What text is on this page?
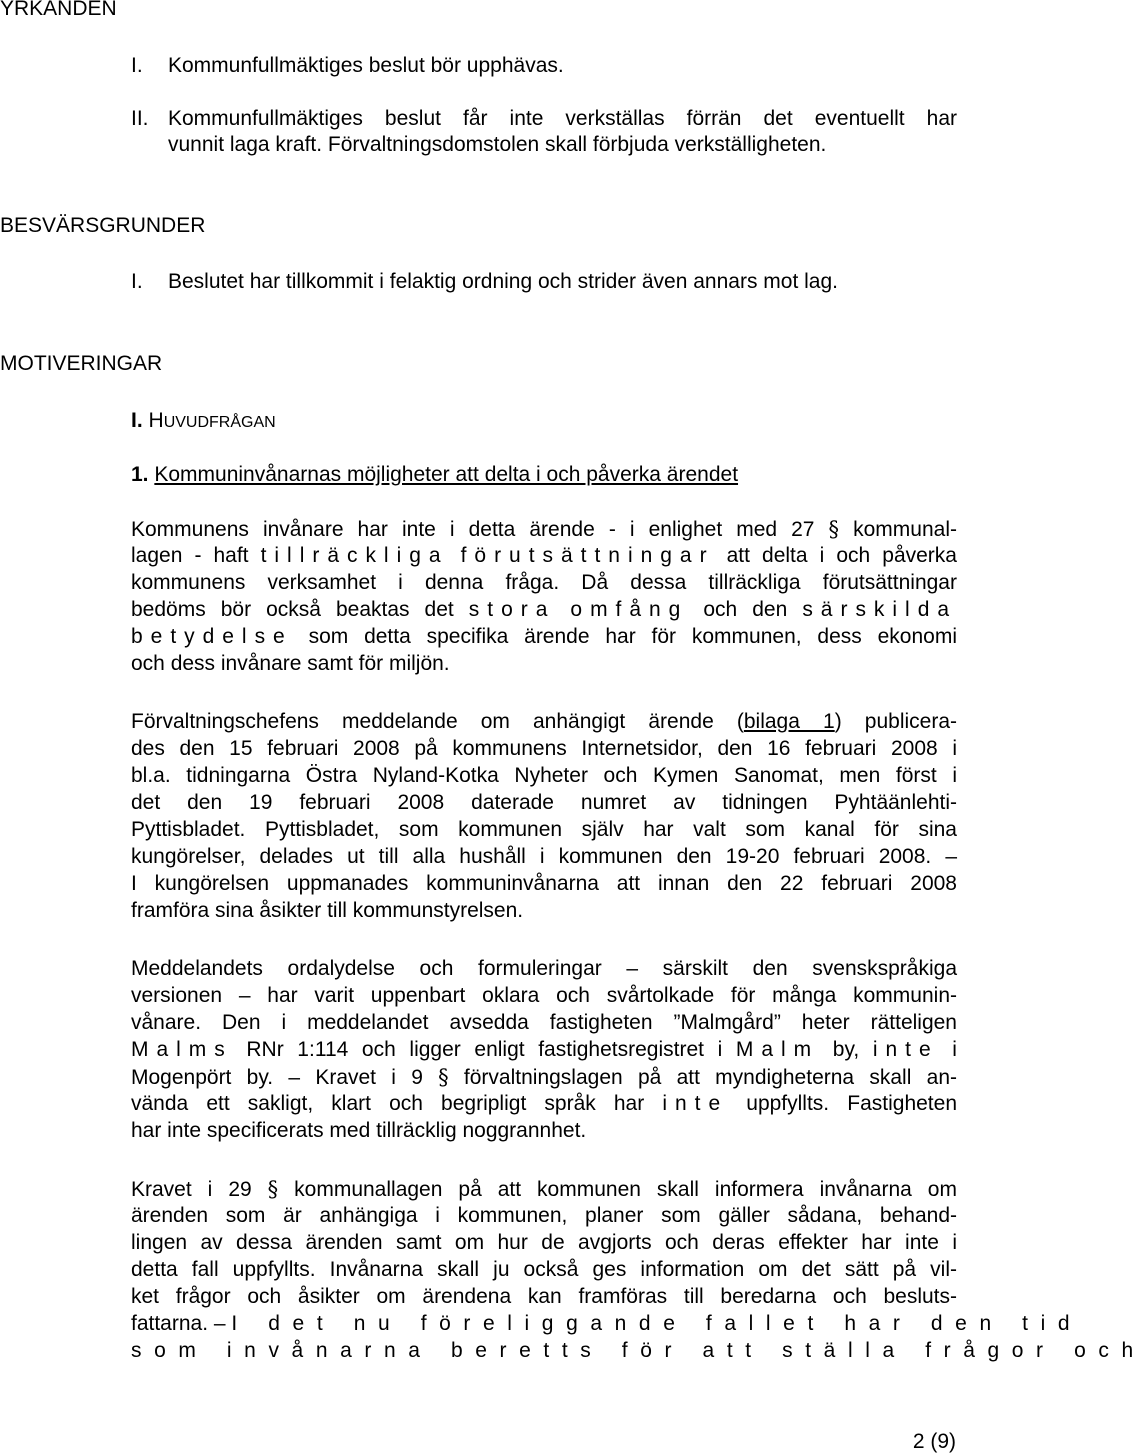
YRKANDEN
I. Kommunfullmäktiges beslut bör upphävas.
II. Kommunfullmäktiges beslut får inte verkställas förrän det eventuellt har
vunnit laga kraft. Förvaltningsdomstolen skall förbjuda verkställigheten.
BESVÄRSGRUNDER
I. Beslutet har tillkommit i felaktig ordning och strider även annars mot lag.
MOTIVERINGAR
I. HUVUDFRÅGAN
1. Kommuninvånarnas möjligheter att delta i och påverka ärendet
Kommunens invånare har inte i detta ärende - i enlighet med 27 § kommunal-
lagen - haft tillräckliga förutsättningar att delta i och påverka
kommunens verksamhet i denna fråga. Då dessa tillräckliga förutsättningar
bedöms bör också beaktas det stora omfång och den särskilda
betydelse som detta specifika ärende har för kommunen, dess ekonomi
och dess invånare samt för miljön.
Förvaltningschefens meddelande om anhängigt ärende (bilaga 1) publicera-
des den 15 februari 2008 på kommunens Internetsidor, den 16 februari 2008 i
bl.a. tidningarna Östra Nyland-Kotka Nyheter och Kymen Sanomat, men först i
det den 19 februari 2008 daterade numret av tidningen Pyhtäänlehti-
Pyttisbladet. Pyttisbladet, som kommunen själv har valt som kanal för sina
kungörelser, delades ut till alla hushåll i kommunen den 19-20 februari 2008. –
I kungörelsen uppmanades kommuninvånarna att innan den 22 februari 2008
framföra sina åsikter till kommunstyrelsen.
Meddelandets ordalydelse och formuleringar – särskilt den svenskspråkiga
versionen – har varit uppenbart oklara och svårtolkade för många kommunin-
vånare. Den i meddelandet avsedda fastigheten ”Malmgård” heter rätteligen
Malms RNr 1:114 och ligger enligt fastighetsregistret i Malm by, inte i
Mogenpört by. – Kravet i 9 § förvaltningslagen på att myndigheterna skall an-
vända ett sakligt, klart och begripligt språk har inte uppfyllts. Fastigheten
har inte specificerats med tillräcklig noggrannhet.
Kravet i 29 § kommunallagen på att kommunen skall informera invånarna om
ärenden som är anhängiga i kommunen, planer som gäller sådana, behand-
lingen av dessa ärenden samt om hur de avgjorts och deras effekter har inte i
detta fall uppfyllts. Invånarna skall ju också ges information om det sätt på vil-
ket frågor och åsikter om ärendena kan framföras till beredarna och besluts-
fattarna. – I det nu föreliggande fallet har den tid
som invånarna beretts för att ställa frågor och
2 (9)
